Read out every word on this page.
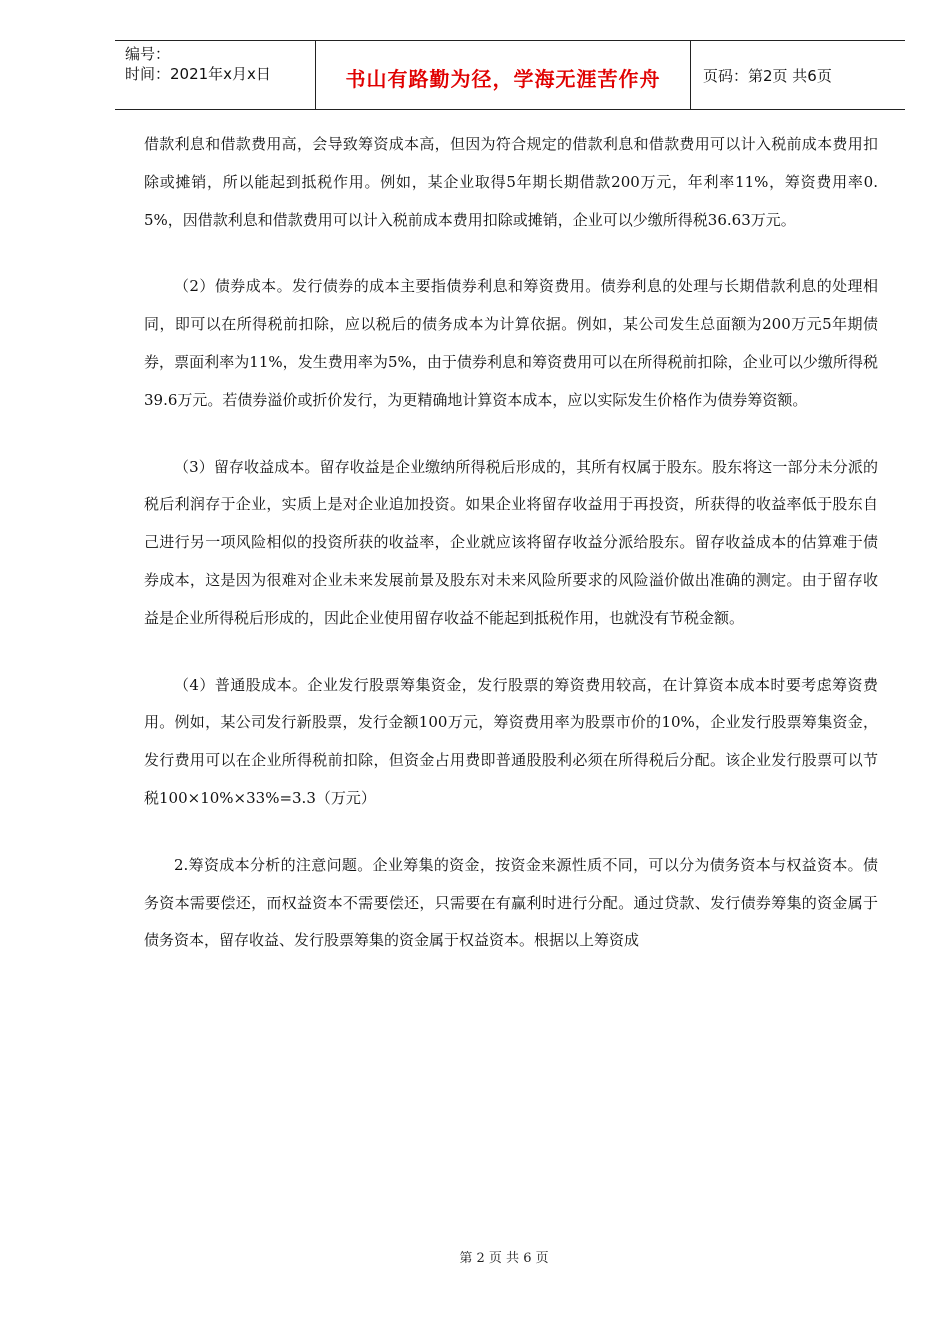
编号：
时间：2021年x月x日	书山有路勤为径，学海无涯苦作舟	页码：第2页 共6页

借款利息和借款费用高，会导致筹资成本高，但因为符合规定的借款利息和借款费用可以计入税前成本费用扣除或摊销，所以能起到抵税作用。例如，某企业取得5年期长期借款200万元，年利率11%，筹资费用率0.5%，因借款利息和借款费用可以计入税前成本费用扣除或摊销，企业可以少缴所得税36.63万元。

（2）债券成本。发行债券的成本主要指债券利息和筹资费用。债券利息的处理与长期借款利息的处理相同，即可以在所得税前扣除，应以税后的债务成本为计算依据。例如，某公司发生总面额为200万元5年期债券，票面利率为11%，发生费用率为5%，由于债券利息和筹资费用可以在所得税前扣除，企业可以少缴所得税39.6万元。若债券溢价或折价发行，为更精确地计算资本成本，应以实际发生价格作为债券筹资额。

（3）留存收益成本。留存收益是企业缴纳所得税后形成的，其所有权属于股东。股东将这一部分未分派的税后利润存于企业，实质上是对企业追加投资。如果企业将留存收益用于再投资，所获得的收益率低于股东自己进行另一项风险相似的投资所获的收益率，企业就应该将留存收益分派给股东。留存收益成本的估算难于债券成本，这是因为很难对企业未来发展前景及股东对未来风险所要求的风险溢价做出准确的测定。由于留存收益是企业所得税后形成的，因此企业使用留存收益不能起到抵税作用，也就没有节税金额。

（4）普通股成本。企业发行股票筹集资金，发行股票的筹资费用较高，在计算资本成本时要考虑筹资费用。例如，某公司发行新股票，发行金额100万元，筹资费用率为股票市价的10%，企业发行股票筹集资金，发行费用可以在企业所得税前扣除，但资金占用费即普通股股利必须在所得税后分配。该企业发行股票可以节税100×10%×33%=3.3（万元）

2.筹资成本分析的注意问题。企业筹集的资金，按资金来源性质不同，可以分为债务资本与权益资本。债务资本需要偿还，而权益资本不需要偿还，只需要在有赢利时进行分配。通过贷款、发行债券筹集的资金属于债务资本，留存收益、发行股票筹集的资金属于权益资本。根据以上筹资成

第 2 页 共 6 页
